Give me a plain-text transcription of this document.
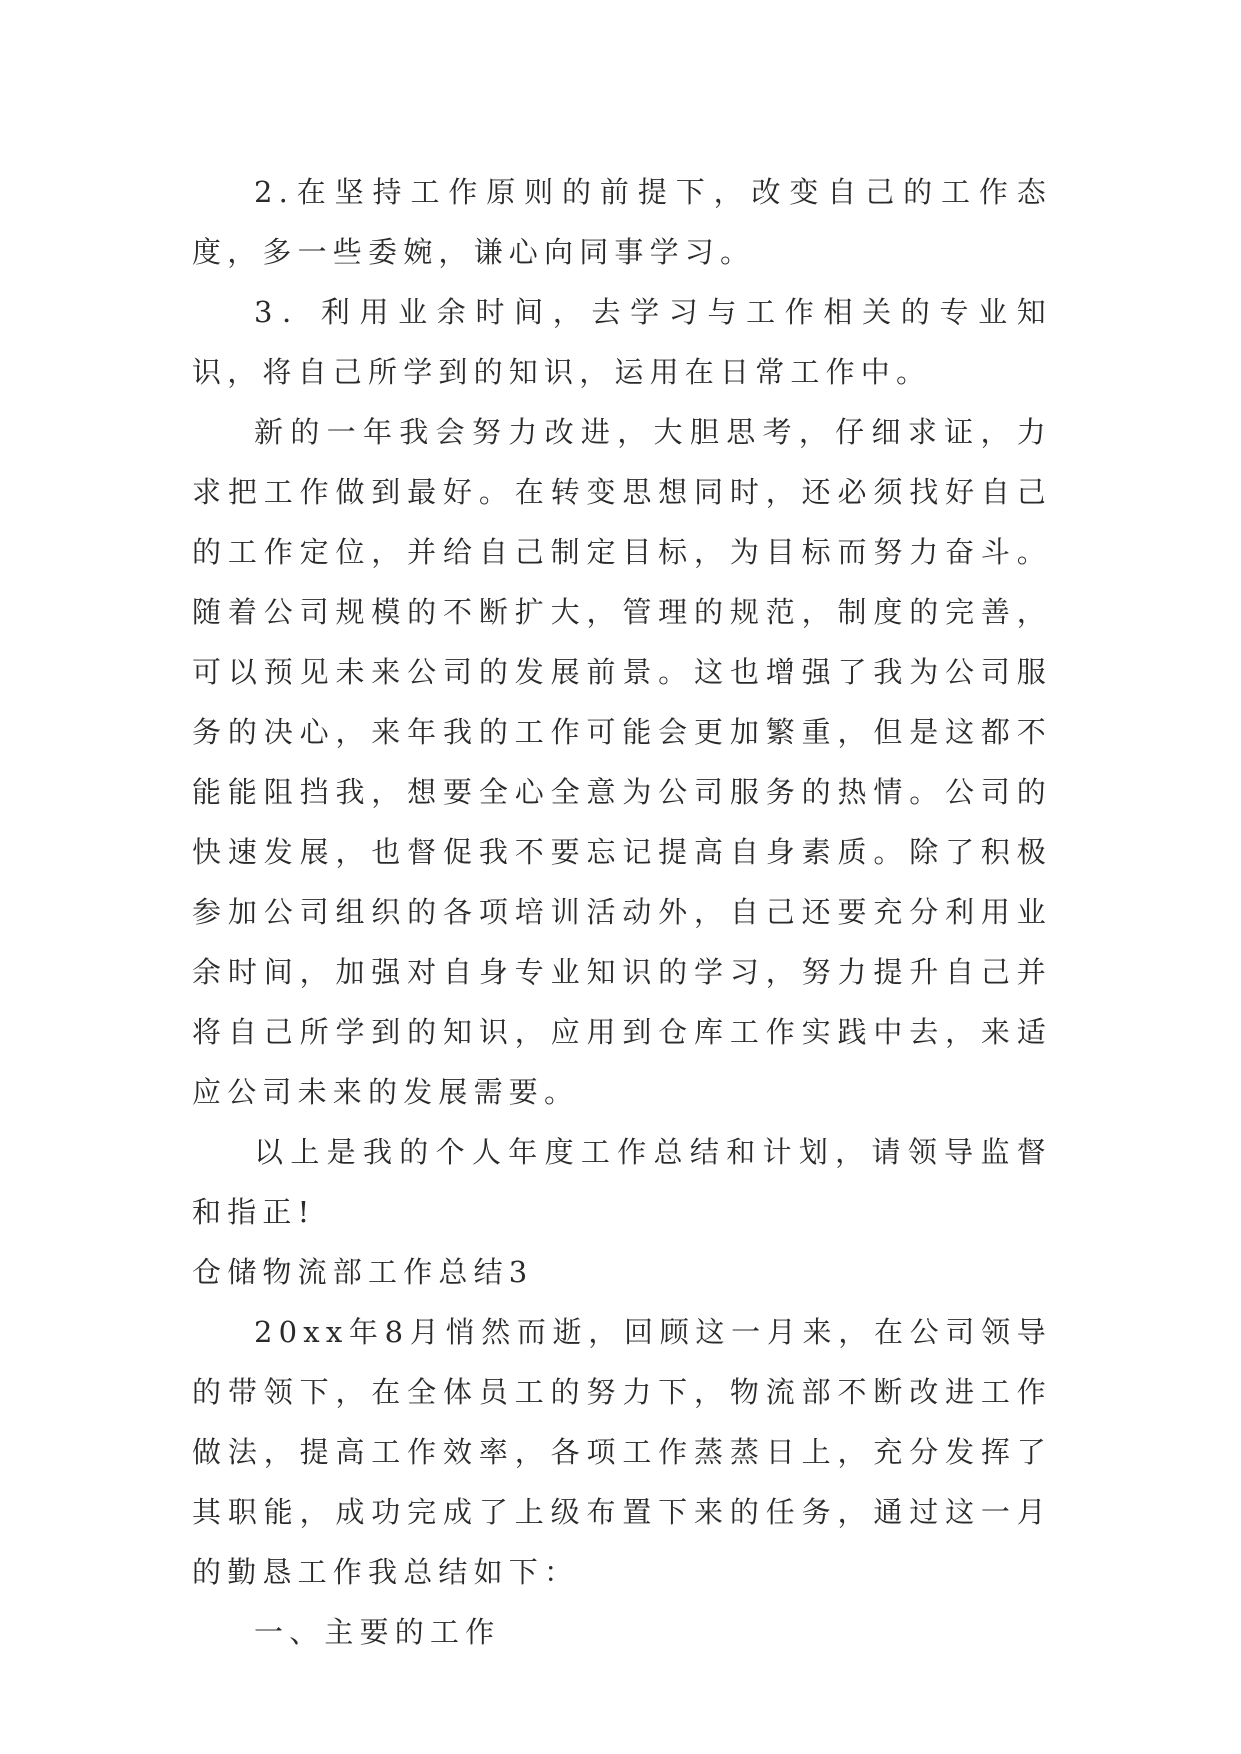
2.在坚持工作原则的前提下，改变自己的工作态度，多一些委婉，谦心向同事学习。

3．利用业余时间，去学习与工作相关的专业知识，将自己所学到的知识，运用在日常工作中。

新的一年我会努力改进，大胆思考，仔细求证，力求把工作做到最好。在转变思想同时，还必须找好自己的工作定位，并给自己制定目标，为目标而努力奋斗。随着公司规模的不断扩大，管理的规范，制度的完善，可以预见未来公司的发展前景。这也增强了我为公司服务的决心，来年我的工作可能会更加繁重，但是这都不能能阻挡我，想要全心全意为公司服务的热情。公司的快速发展，也督促我不要忘记提高自身素质。除了积极参加公司组织的各项培训活动外，自己还要充分利用业余时间，加强对自身专业知识的学习，努力提升自己并将自己所学到的知识，应用到仓库工作实践中去，来适应公司未来的发展需要。

以上是我的个人年度工作总结和计划，请领导监督和指正!

仓储物流部工作总结3

20xx年8月悄然而逝，回顾这一月来，在公司领导的带领下，在全体员工的努力下，物流部不断改进工作做法，提高工作效率，各项工作蒸蒸日上，充分发挥了其职能，成功完成了上级布置下来的任务，通过这一月的勤恳工作我总结如下：

一、主要的工作
